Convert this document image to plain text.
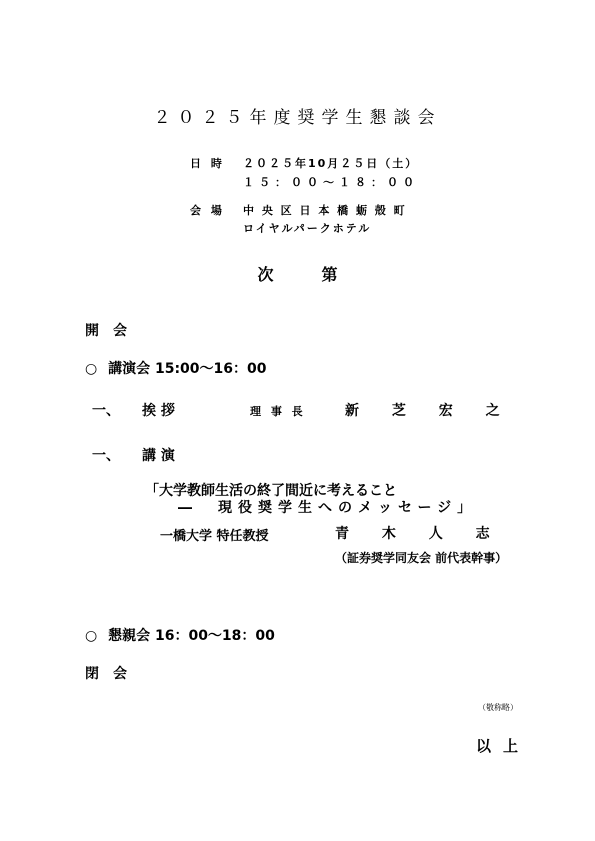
２０２５年度奨学生懇談会
日 時 ２０２５年10月２５日（土）
１５：００〜１８：００
会 場 中 央 区 日 本 橋 蛎 殻 町
ロイヤルパークホテル
次第
開　会
○ 講演会 15:00〜16：00
一、 挨 拶	理 事 長	新 芝 宏 之
一、 講 演
「大学教師生活の終了間近に考えること
―　現役奨学生へのメッセージ」
一橋大学 特任教授	青 木 人 志
（証券奨学同友会 前代表幹事）
○ 懇親会 16：00〜18：00
閉　会
（敬称略）
以上
